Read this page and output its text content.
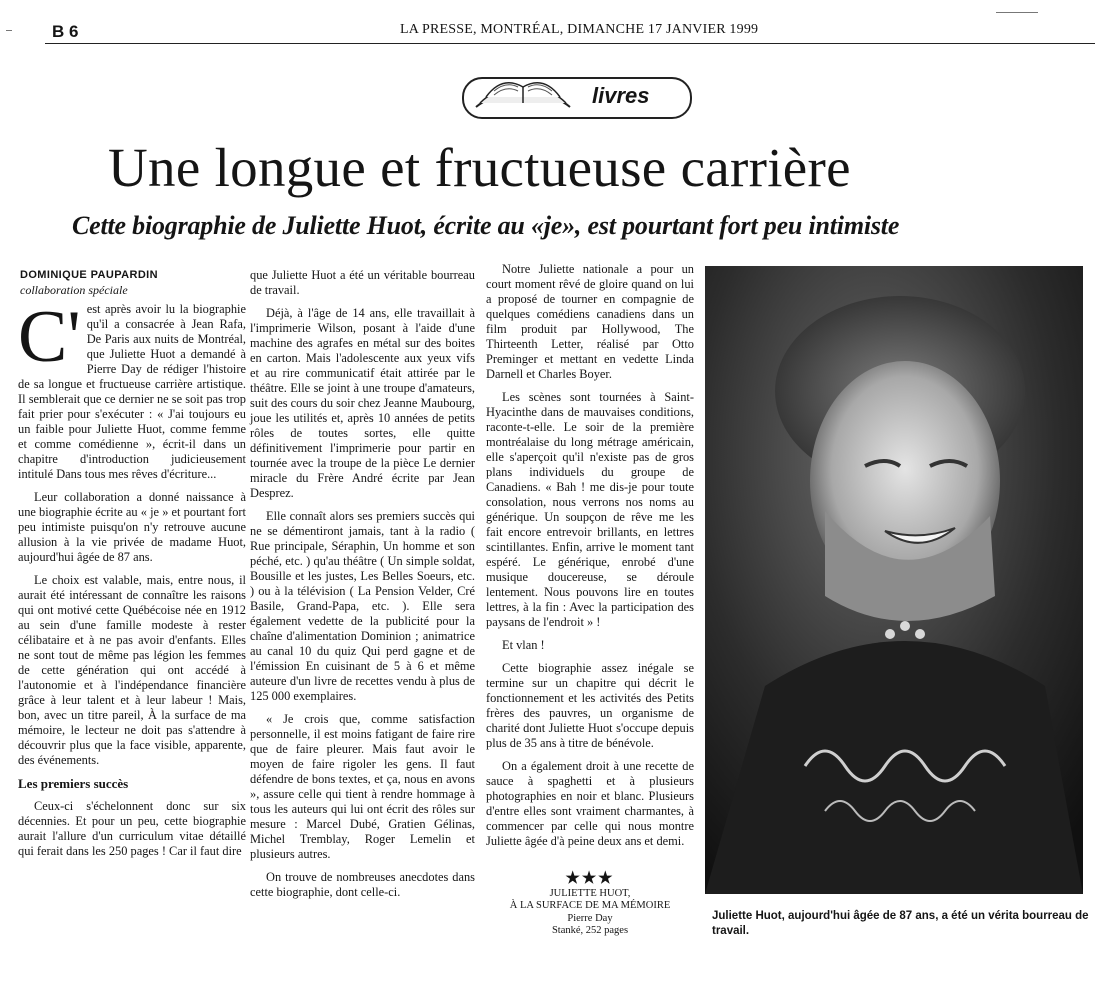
B 6	LA PRESSE, MONTRÉAL, DIMANCHE 17 JANVIER 1999
livres
Une longue et fructueuse carrière
Cette biographie de Juliette Huot, écrite au «je», est pourtant fort peu intimiste
DOMINIQUE PAUPARDIN
collaboration spéciale
C' est après avoir lu la biographie qu'il a consacrée à Jean Rafa, De Paris aux nuits de Montréal, que Juliette Huot a demandé à Pierre Day de rédiger l'histoire de sa longue et fructueuse carrière artistique. Il semblerait que ce dernier ne se soit pas trop fait prier pour s'exécuter : « J'ai toujours eu un faible pour Juliette Huot, comme femme et comme comédienne », écrit-il dans un chapitre d'introduction judicieusement intitulé Dans tous mes rêves d'écriture...

Leur collaboration a donné naissance à une biographie écrite au « je » et pourtant fort peu intimiste puisqu'on n'y retrouve aucune allusion à la vie privée de madame Huot, aujourd'hui âgée de 87 ans.

Le choix est valable, mais, entre nous, il aurait été intéressant de connaître les raisons qui ont motivé cette Québécoise née en 1912 au sein d'une famille modeste à rester célibataire et à ne pas avoir d'enfants. Elles ne sont tout de même pas légion les femmes de cette génération qui ont accédé à l'autonomie et à l'indépendance financière grâce à leur talent et à leur labeur ! Mais, bon, avec un titre pareil, À la surface de ma mémoire, le lecteur ne doit pas s'attendre à découvrir plus que la face visible, apparente, des événements.

Les premiers succès

Ceux-ci s'échelonnent donc sur six décennies. Et pour un peu, cette biographie aurait l'allure d'un curriculum vitae détaillé qui ferait dans les 250 pages ! Car il faut dire

que Juliette Huot a été un véritable bourreau de travail.

Déjà, à l'âge de 14 ans, elle travaillait à l'imprimerie Wilson, posant à l'aide d'une machine des agrafes en métal sur des boites en carton. Mais l'adolescente aux yeux vifs et au rire communicatif était attirée par le théâtre. Elle se joint à une troupe d'amateurs, suit des cours du soir chez Jeanne Maubourg, joue les utilités et, après 10 années de petits rôles de toutes sortes, elle quitte définitivement l'imprimerie pour partir en tournée avec la troupe de la pièce Le dernier miracle du Frère André écrite par Jean Desprez.

Elle connaît alors ses premiers succès qui ne se démentiront jamais, tant à la radio ( Rue principale, Séraphin, Un homme et son péché, etc. ) qu'au théâtre ( Un simple soldat, Bousille et les justes, Les Belles Soeurs, etc. ) ou à la télévision ( La Pension Velder, Cré Basile, Grand-Papa, etc. ). Elle sera également vedette de la publicité pour la chaîne d'alimentation Dominion ; animatrice au canal 10 du quiz Qui perd gagne et de l'émission En cuisinant de 5 à 6 et même auteure d'un livre de recettes vendu à plus de 125 000 exemplaires.

« Je crois que, comme satisfaction personnelle, il est moins fatigant de faire rire que de faire pleurer. Mais faut avoir le moyen de faire rigoler les gens. Il faut défendre de bons textes, et ça, nous en avons », assure celle qui tient à rendre hommage à tous les auteurs qui lui ont écrit des rôles sur mesure : Marcel Dubé, Gratien Gélinas, Michel Tremblay, Roger Lemelin et plusieurs autres.

On trouve de nombreuses anecdotes dans cette biographie, dont celle-ci.

Notre Juliette nationale a pour un court moment rêvé de gloire quand on lui a proposé de tourner en compagnie de quelques comédiens canadiens dans un film produit par Hollywood, The Thirteenth Letter, réalisé par Otto Preminger et mettant en vedette Linda Darnell et Charles Boyer.

Les scènes sont tournées à Saint-Hyacinthe dans de mauvaises conditions, raconte-t-elle. Le soir de la première montréalaise du long métrage américain, elle s'aperçoit qu'il n'existe pas de gros plans individuels du groupe de Canadiens. « Bah ! me dis-je pour toute consolation, nous verrons nos noms au générique. Un soupçon de rêve me les fait encore entrevoir brillants, en lettres scintillantes. Enfin, arrive le moment tant espéré. Le générique, enrobé d'une musique doucereuse, se déroule lentement. Nous pouvons lire en toutes lettres, à la fin : Avec la participation des paysans de l'endroit » !

Et vlan !

Cette biographie assez inégale se termine sur un chapitre qui décrit le fonctionnement et les activités des Petits frères des pauvres, un organisme de charité dont Juliette Huot s'occupe depuis plus de 35 ans à titre de bénévole.

On a également droit à une recette de sauce à spaghetti et à plusieurs photographies en noir et blanc. Plusieurs d'entre elles sont vraiment charmantes, à commencer par celle qui nous montre Juliette âgée d'à peine deux ans et demi.

★★★
JULIETTE HUOT,
À LA SURFACE DE MA MÉMOIRE
Pierre Day
Stanké, 252 pages
Juliette Huot, aujourd'hui âgée de 87 ans, a été un vérita bourreau de travail.
